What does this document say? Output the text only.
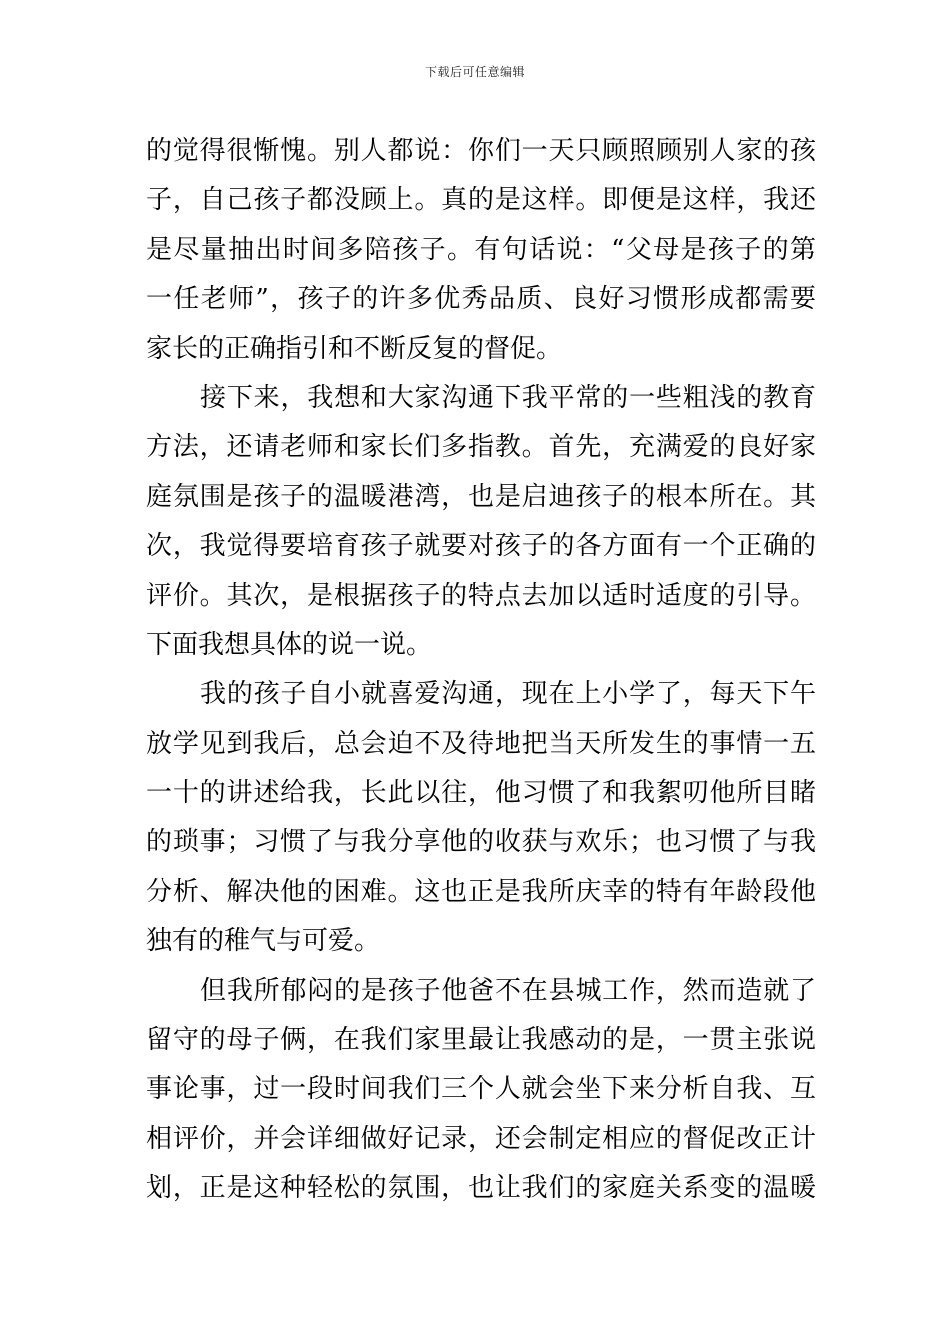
下载后可任意编辑
的觉得很惭愧。别人都说：你们一天只顾照顾别人家的孩
子，自己孩子都没顾上。真的是这样。即便是这样，我还
是尽量抽出时间多陪孩子。有句话说：“父母是孩子的第
一任老师”，孩子的许多优秀品质、良好习惯形成都需要
家长的正确指引和不断反复的督促。
接下来，我想和大家沟通下我平常的一些粗浅的教育
方法，还请老师和家长们多指教。首先，充满爱的良好家
庭氛围是孩子的温暖港湾，也是启迪孩子的根本所在。其
次，我觉得要培育孩子就要对孩子的各方面有一个正确的
评价。其次，是根据孩子的特点去加以适时适度的引导。
下面我想具体的说一说。
我的孩子自小就喜爱沟通，现在上小学了，每天下午
放学见到我后，总会迫不及待地把当天所发生的事情一五
一十的讲述给我，长此以往，他习惯了和我絮叨他所目睹
的琐事；习惯了与我分享他的收获与欢乐；也习惯了与我
分析、解决他的困难。这也正是我所庆幸的特有年龄段他
独有的稚气与可爱。
但我所郁闷的是孩子他爸不在县城工作，然而造就了
留守的母子俩，在我们家里最让我感动的是，一贯主张说
事论事，过一段时间我们三个人就会坐下来分析自我、互
相评价，并会详细做好记录，还会制定相应的督促改正计
划，正是这种轻松的氛围，也让我们的家庭关系变的温暖
